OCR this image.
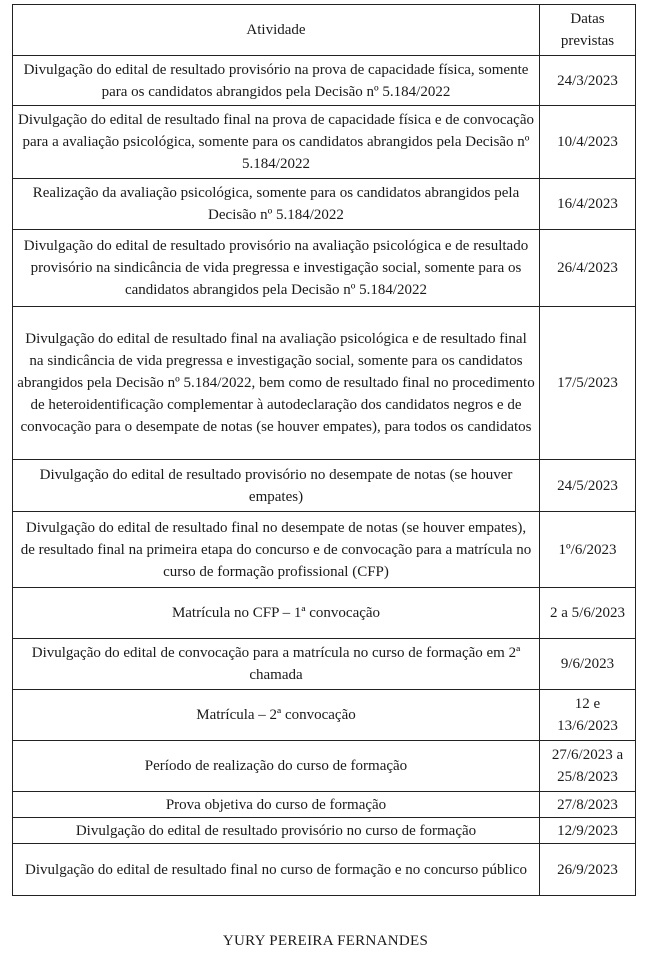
Atividade	Datas previstas
Divulgação do edital de resultado provisório na prova de capacidade física, somente para os candidatos abrangidos pela Decisão nº 5.184/2022	24/3/2023
Divulgação do edital de resultado final na prova de capacidade física e de convocação para a avaliação psicológica, somente para os candidatos abrangidos pela Decisão nº 5.184/2022	10/4/2023
Realização da avaliação psicológica, somente para os candidatos abrangidos pela Decisão nº 5.184/2022	16/4/2023
Divulgação do edital de resultado provisório na avaliação psicológica e de resultado provisório na sindicância de vida pregressa e investigação social, somente para os candidatos abrangidos pela Decisão nº 5.184/2022	26/4/2023
Divulgação do edital de resultado final na avaliação psicológica e de resultado final na sindicância de vida pregressa e investigação social, somente para os candidatos abrangidos pela Decisão nº 5.184/2022, bem como de resultado final no procedimento de heteroidentificação complementar à autodeclaração dos candidatos negros e de convocação para o desempate de notas (se houver empates), para todos os candidatos	17/5/2023
Divulgação do edital de resultado provisório no desempate de notas (se houver empates)	24/5/2023
Divulgação do edital de resultado final no desempate de notas (se houver empates), de resultado final na primeira etapa do concurso e de convocação para a matrícula no curso de formação profissional (CFP)	1º/6/2023
Matrícula no CFP – 1ª convocação	2 a 5/6/2023
Divulgação do edital de convocação para a matrícula no curso de formação em 2ª chamada	9/6/2023
Matrícula – 2ª convocação	12 e 13/6/2023
Período de realização do curso de formação	27/6/2023 a 25/8/2023
Prova objetiva do curso de formação	27/8/2023
Divulgação do edital de resultado provisório no curso de formação	12/9/2023
Divulgação do edital de resultado final no curso de formação e no concurso público	26/9/2023
YURY PEREIRA FERNANDES
